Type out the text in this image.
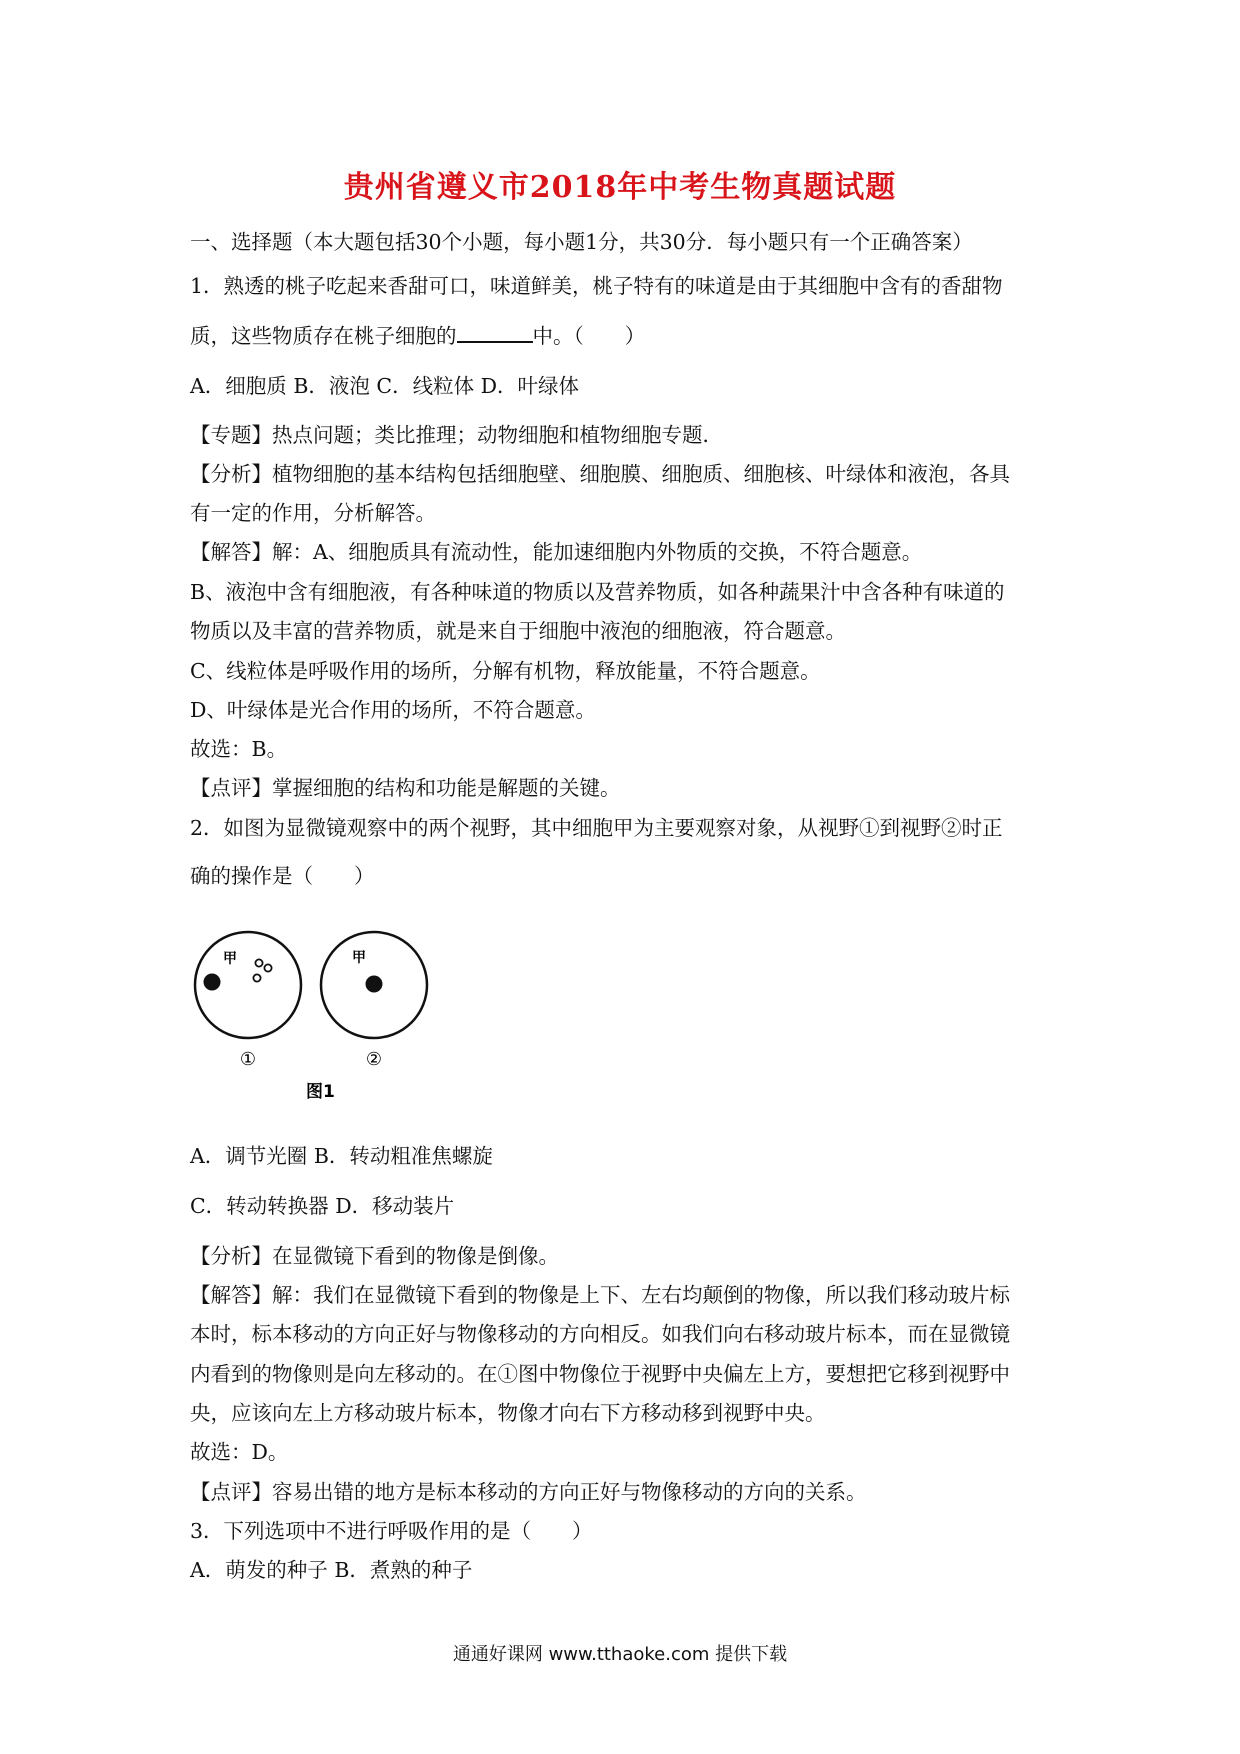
贵州省遵义市2018年中考生物真题试题
一、选择题（本大题包括30个小题，每小题1分，共30分．每小题只有一个正确答案）
1．熟透的桃子吃起来香甜可口，味道鲜美，桃子特有的味道是由于其细胞中含有的香甜物
质，这些物质存在桃子细胞的	中。（　　）
A．细胞质 B．液泡 C．线粒体 D．叶绿体
【专题】热点问题；类比推理；动物细胞和植物细胞专题．
【分析】植物细胞的基本结构包括细胞壁、细胞膜、细胞质、细胞核、叶绿体和液泡，各具
有一定的作用，分析解答。
【解答】解：A、细胞质具有流动性，能加速细胞内外物质的交换，不符合题意。
B、液泡中含有细胞液，有各种味道的物质以及营养物质，如各种蔬果汁中含各种有味道的
物质以及丰富的营养物质，就是来自于细胞中液泡的细胞液，符合题意。
C、线粒体是呼吸作用的场所，分解有机物，释放能量，不符合题意。
D、叶绿体是光合作用的场所，不符合题意。
故选：B。
【点评】掌握细胞的结构和功能是解题的关键。
2．如图为显微镜观察中的两个视野，其中细胞甲为主要观察对象，从视野①到视野②时正
确的操作是（　　）
甲
①
甲
②
图1
A．调节光圈 B．转动粗准焦螺旋
C．转动转换器 D．移动装片
【分析】在显微镜下看到的物像是倒像。
【解答】解：我们在显微镜下看到的物像是上下、左右均颠倒的物像，所以我们移动玻片标
本时，标本移动的方向正好与物像移动的方向相反。如我们向右移动玻片标本，而在显微镜
内看到的物像则是向左移动的。在①图中物像位于视野中央偏左上方，要想把它移到视野中
央，应该向左上方移动玻片标本，物像才向右下方移动移到视野中央。
故选：D。
【点评】容易出错的地方是标本移动的方向正好与物像移动的方向的关系。
3．下列选项中不进行呼吸作用的是（　　）
A．萌发的种子 B．煮熟的种子
通通好课网 www.tthaoke.com 提供下载
